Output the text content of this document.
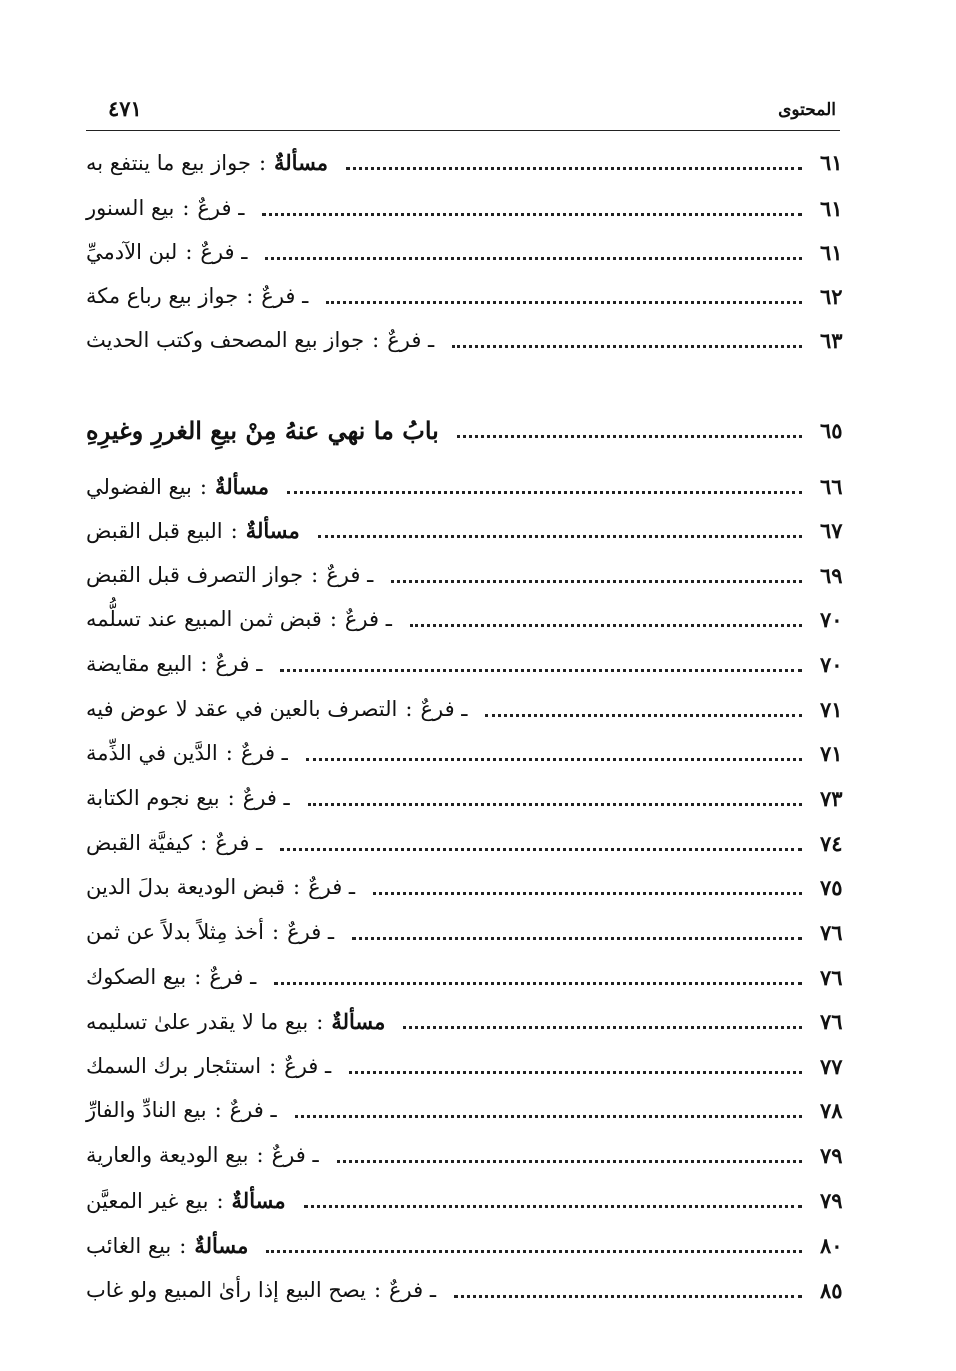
المحتوى
٤٧١
مسألةٌ:جواز بيع ما ينتفع به	٦١
ـ فرعٌ:بيع السنور	٦١
ـ فرعٌ:لبن الآدميِّ	٦١
ـ فرعٌ:جواز بيع رباع مكة	٦٢
ـ فرعٌ:جواز بيع المصحف وكتب الحديث	٦٣
بابُ ما نهي عنهُ مِنْ بيعِ الغررِ وغيرِهِ	٦٥
مسألةٌ:بيع الفضولي	٦٦
مسألةٌ:البيع قبل القبض	٦٧
ـ فرعٌ:جواز التصرف قبل القبض	٦٩
ـ فرعٌ:قبض ثمن المبيع عند تسلُّمه	٧٠
ـ فرعٌ:البيع مقايضة	٧٠
ـ فرعٌ:التصرف بالعين في عقد لا عوض فيه	٧١
ـ فرعٌ:الدَّين في الذِّمة	٧١
ـ فرعٌ:بيع نجوم الكتابة	٧٣
ـ فرعٌ:كيفيَّة القبض	٧٤
ـ فرعٌ:قبض الوديعة بدلَ الدين	٧٥
ـ فرعٌ:أخذ مِثلاً بدلاً عن ثمن	٧٦
ـ فرعٌ:بيع الصكوك	٧٦
مسألةٌ:بيع ما لا يقدر علىٰ تسليمه	٧٦
ـ فرعٌ:استئجار برك السمك	٧٧
ـ فرعٌ:بيع النادِّ والفارِّ	٧٨
ـ فرعٌ:بيع الوديعة والعارية	٧٩
مسألةٌ:بيع غير المعيَّن	٧٩
مسألةٌ:بيع الغائب	٨٠
ـ فرعٌ:يصح البيع إذا رأىٰ المبيع ولو غاب	٨٥
